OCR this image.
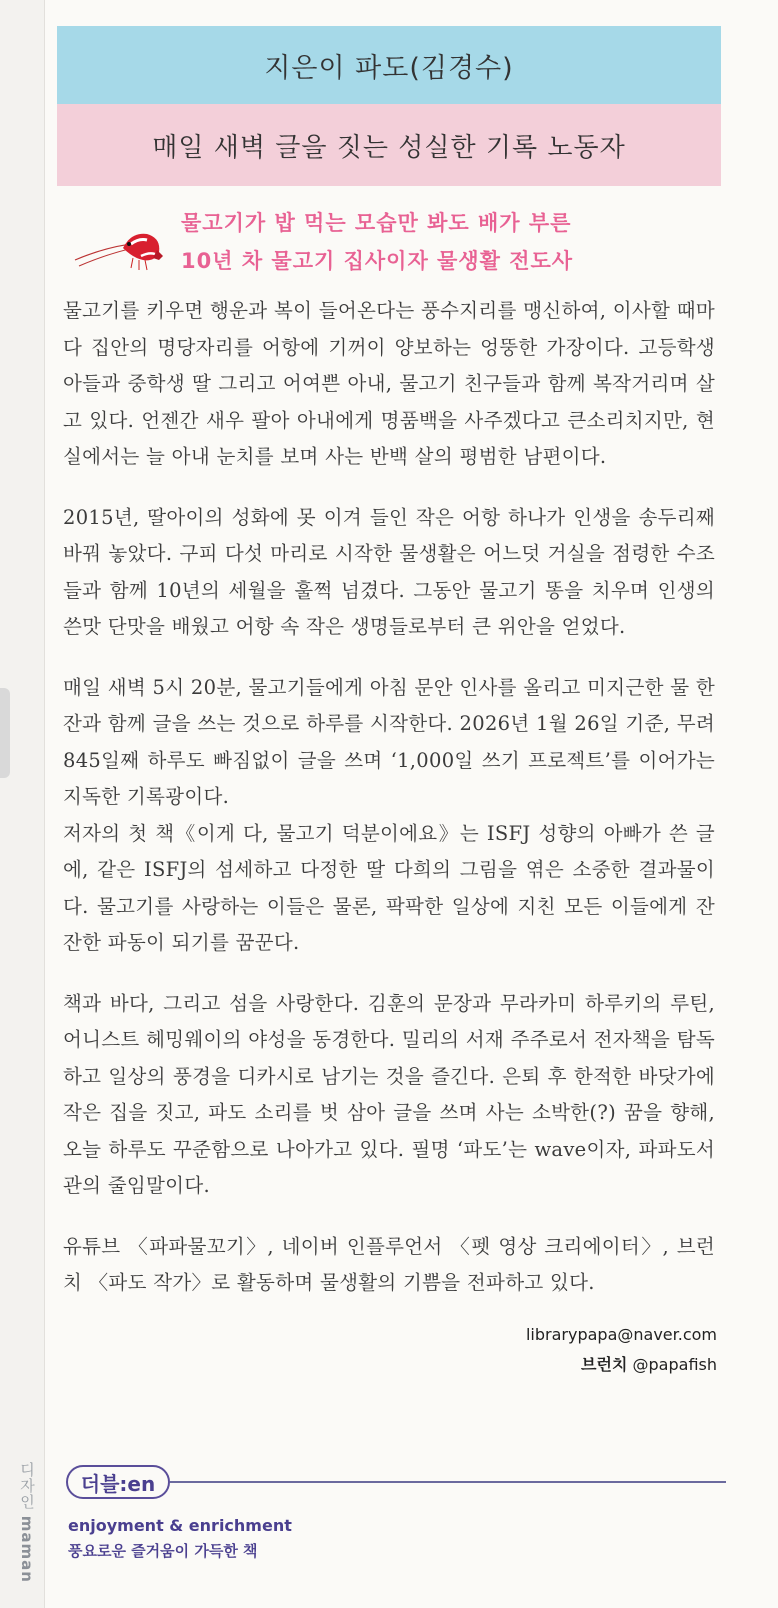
디자인 maman
지은이 파도(김경수)
매일 새벽 글을 짓는 성실한 기록 노동자
물고기가 밥 먹는 모습만 봐도 배가 부른
10년 차 물고기 집사이자 물생활 전도사

물고기를 키우면 행운과 복이 들어온다는 풍수지리를 맹신하여, 이사할 때마다 집안의 명당자리를 어항에 기꺼이 양보하는 엉뚱한 가장이다. 고등학생 아들과 중학생 딸 그리고 어여쁜 아내, 물고기 친구들과 함께 복작거리며 살고 있다. 언젠간 새우 팔아 아내에게 명품백을 사주겠다고 큰소리치지만, 현실에서는 늘 아내 눈치를 보며 사는 반백 살의 평범한 남편이다.

2015년, 딸아이의 성화에 못 이겨 들인 작은 어항 하나가 인생을 송두리째 바꿔 놓았다. 구피 다섯 마리로 시작한 물생활은 어느덧 거실을 점령한 수조들과 함께 10년의 세월을 훌쩍 넘겼다. 그동안 물고기 똥을 치우며 인생의 쓴맛 단맛을 배웠고 어항 속 작은 생명들로부터 큰 위안을 얻었다.

매일 새벽 5시 20분, 물고기들에게 아침 문안 인사를 올리고 미지근한 물 한 잔과 함께 글을 쓰는 것으로 하루를 시작한다. 2026년 1월 26일 기준, 무려 845일째 하루도 빠짐없이 글을 쓰며 ‘1,000일 쓰기 프로젝트’를 이어가는 지독한 기록광이다.

저자의 첫 책《이게 다, 물고기 덕분이에요》는 ISFJ 성향의 아빠가 쓴 글에, 같은 ISFJ의 섬세하고 다정한 딸 다희의 그림을 엮은 소중한 결과물이다. 물고기를 사랑하는 이들은 물론, 팍팍한 일상에 지친 모든 이들에게 잔잔한 파동이 되기를 꿈꾼다.

책과 바다, 그리고 섬을 사랑한다. 김훈의 문장과 무라카미 하루키의 루틴, 어니스트 헤밍웨이의 야성을 동경한다. 밀리의 서재 주주로서 전자책을 탐독하고 일상의 풍경을 디카시로 남기는 것을 즐긴다. 은퇴 후 한적한 바닷가에 작은 집을 짓고, 파도 소리를 벗 삼아 글을 쓰며 사는 소박한(?) 꿈을 향해, 오늘 하루도 꾸준함으로 나아가고 있다. 필명 ‘파도’는 wave이자, 파파도서관의 줄임말이다.

유튜브 〈파파물꼬기〉, 네이버 인플루언서 〈펫 영상 크리에이터〉, 브런치 〈파도 작가〉로 활동하며 물생활의 기쁨을 전파하고 있다.

librarypapa@naver.com
브런치 @papafish
더블:en
enjoyment & enrichment
풍요로운 즐거움이 가득한 책
